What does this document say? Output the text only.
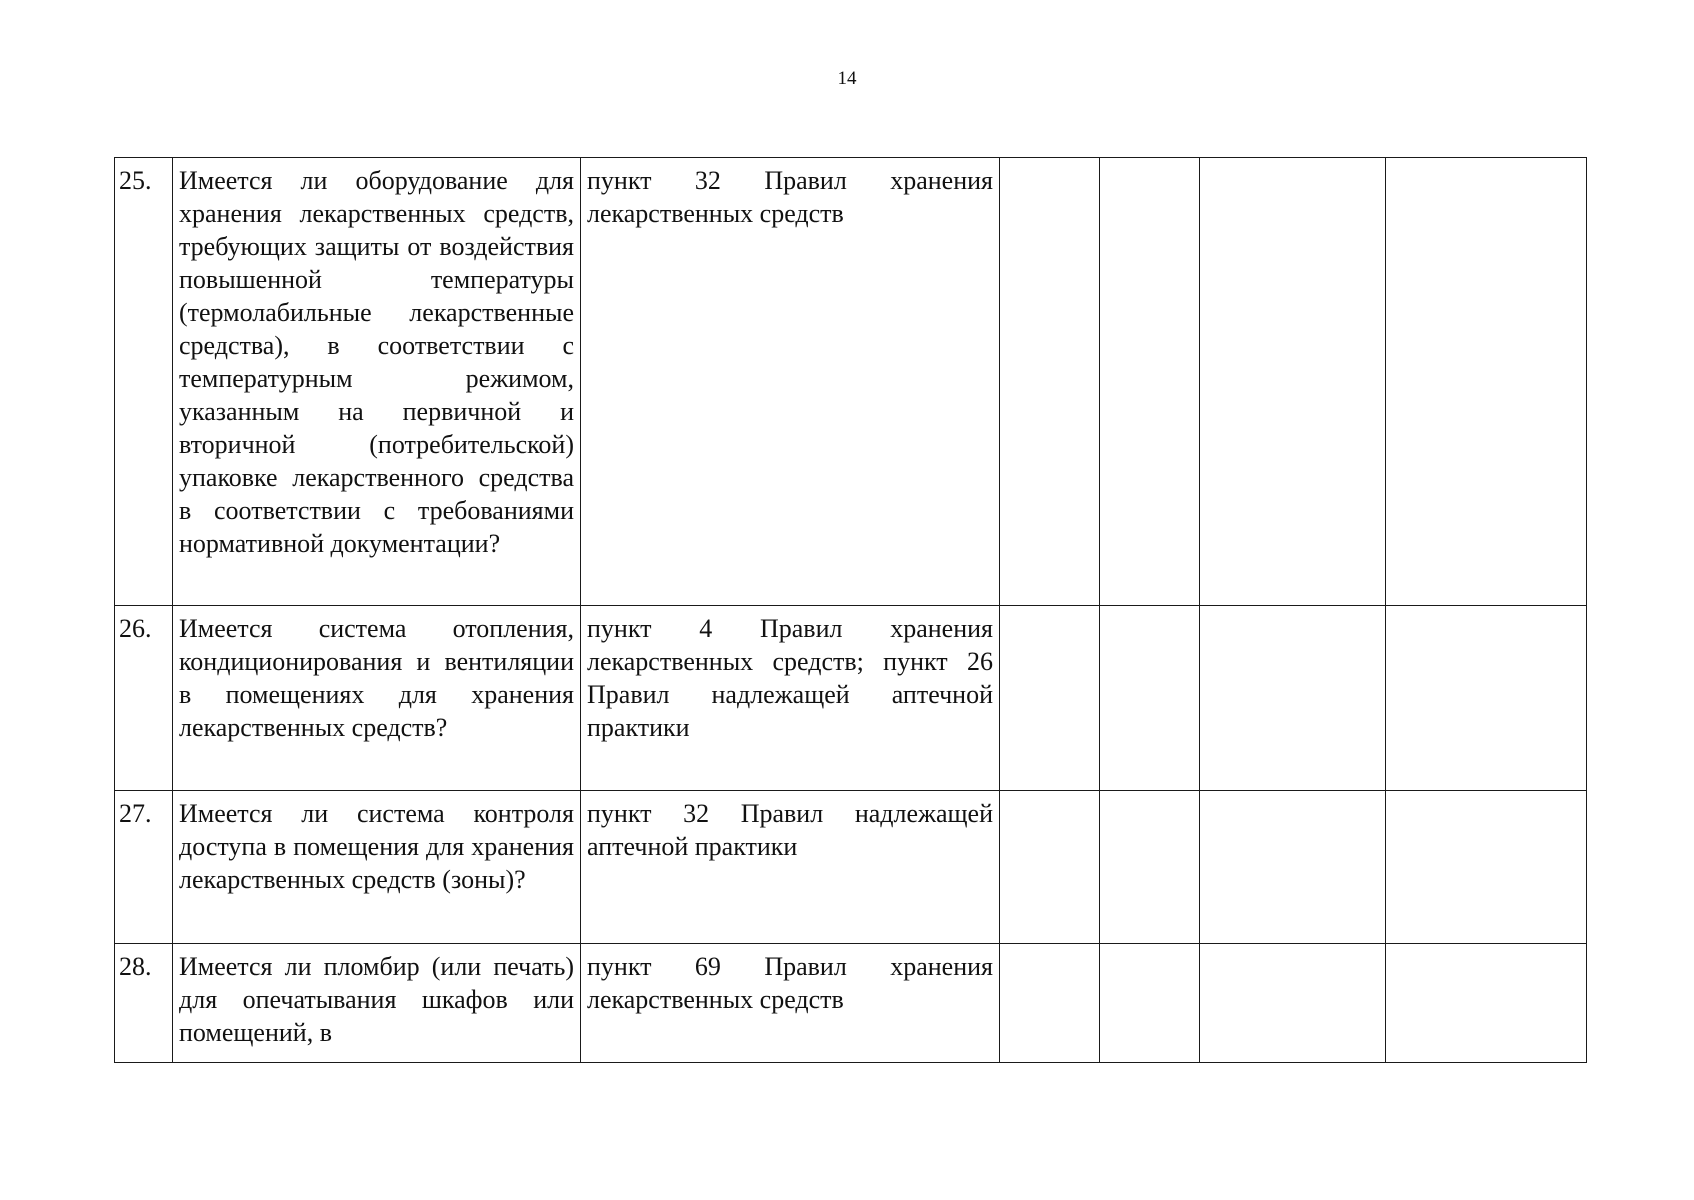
14
25.	Имеется ли оборудование для хранения лекарственных средств, требующих защиты от воздействия повышенной температуры (термолабильные лекарственные средства), в соответствии с температурным режимом, указанным на первичной и вторичной (потребительской) упаковке лекарственного средства в соответствии с требованиями нормативной документации?	пункт 32 Правил хранения лекарственных средств				
26.	Имеется система отопления, кондиционирования и вентиляции в помещениях для хранения лекарственных средств?	пункт 4 Правил хранения лекарственных средств; пункт 26 Правил надлежащей аптечной практики				
27.	Имеется ли система контроля доступа в помещения для хранения лекарственных средств (зоны)?	пункт 32 Правил надлежащей аптечной практики				
28.	Имеется ли пломбир (или печать) для опечатывания шкафов или помещений, в	пункт 69 Правил хранения лекарственных средств				
